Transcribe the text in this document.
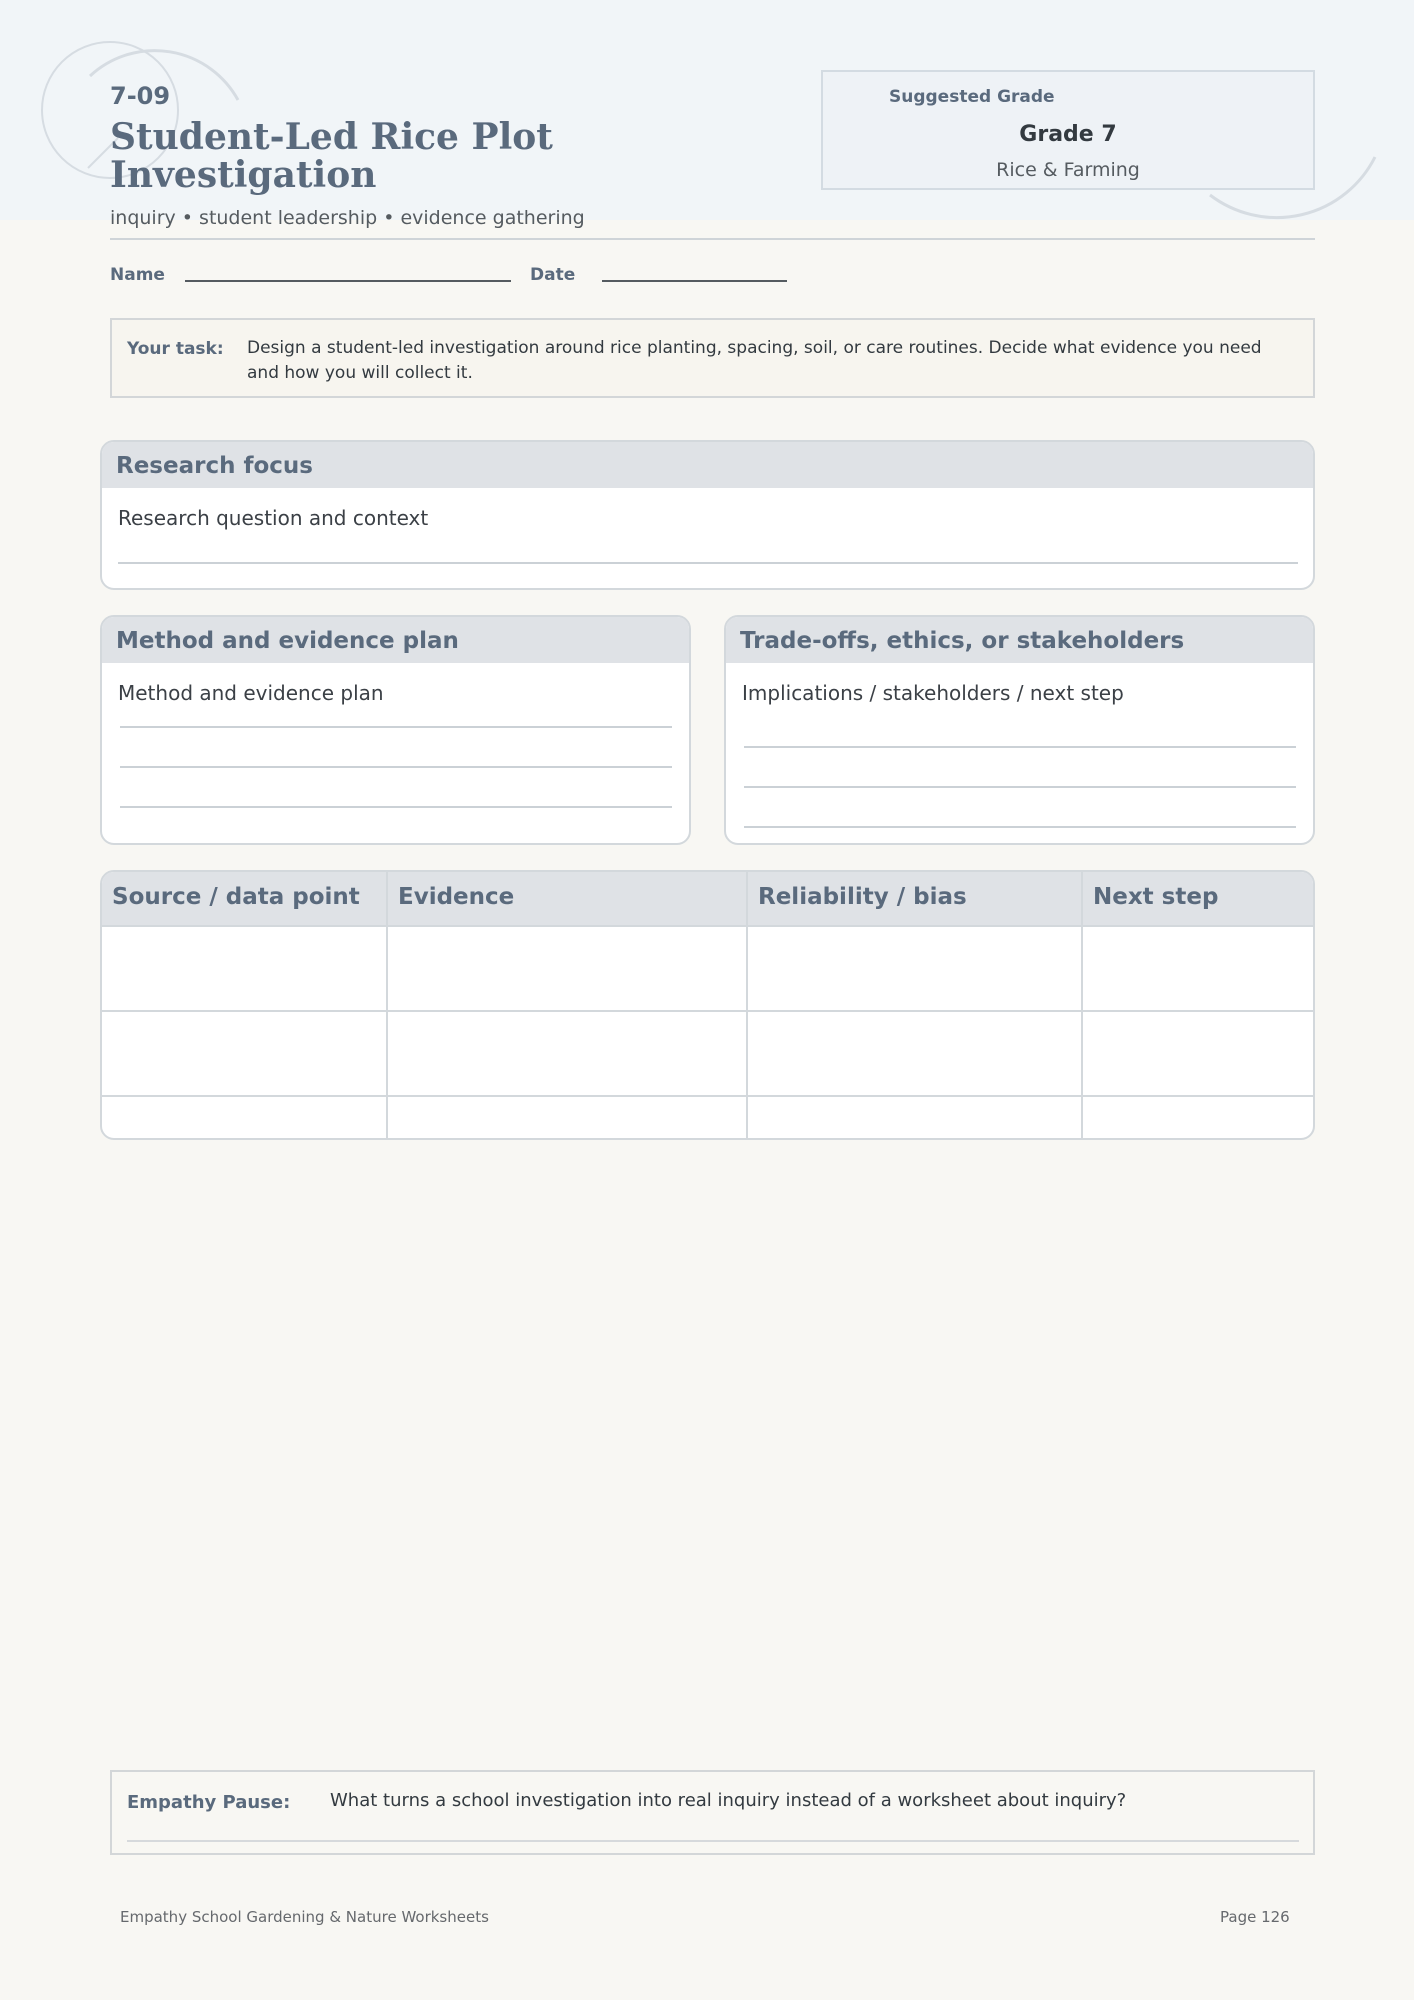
7-09
Student-Led Rice Plot Investigation
inquiry • student leadership • evidence gathering
Suggested Grade
Grade 7
Rice & Farming
Name	Date
Your task: Design a student-led investigation around rice planting, spacing, soil, or care routines. Decide what evidence you need and how you will collect it.
Research focus
Research question and context
Method and evidence plan
Method and evidence plan
Trade-offs, ethics, or stakeholders
Implications / stakeholders / next step
Source / data point	Evidence	Reliability / bias	Next step

Empathy Pause: What turns a school investigation into real inquiry instead of a worksheet about inquiry?
Empathy School Gardening & Nature Worksheets	Page 126
